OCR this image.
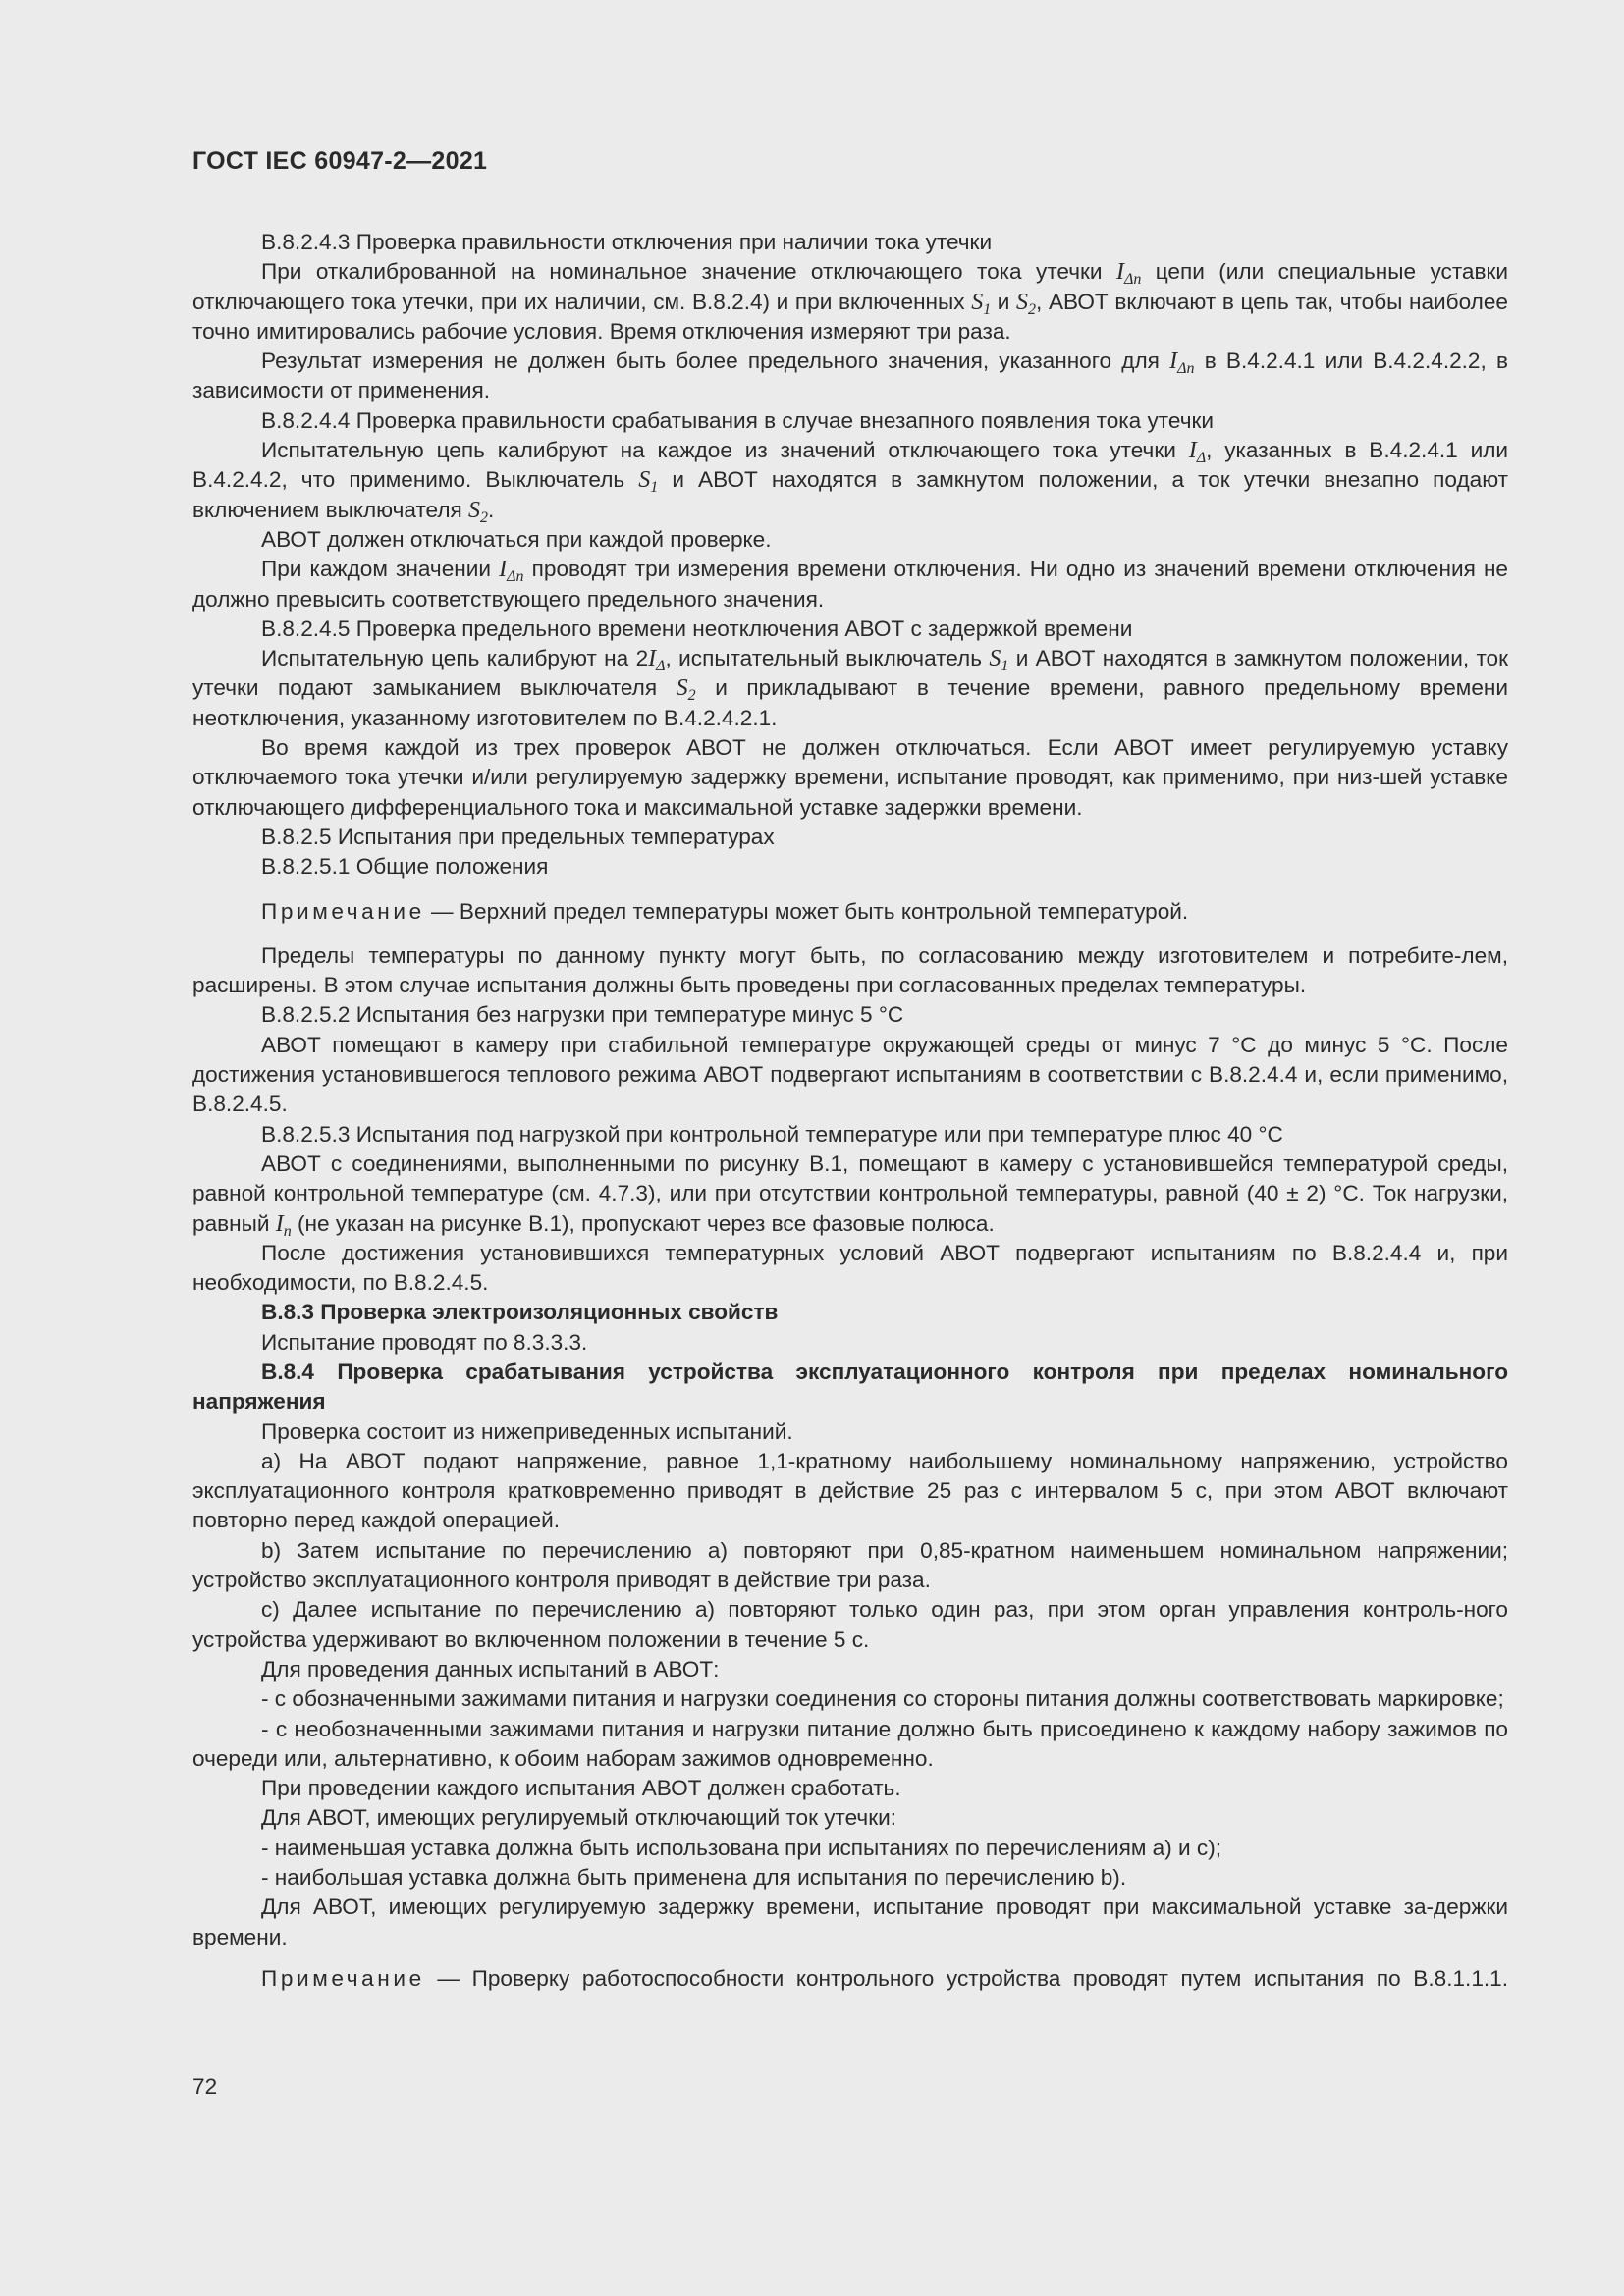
ГОСТ IEC 60947-2—2021

В.8.2.4.3 Проверка правильности отключения при наличии тока утечки

При откалиброванной на номинальное значение отключающего тока утечки $I_{\Delta n}$ цепи (или специальные уставки отключающего тока утечки, при их наличии, см. В.8.2.4) и при включенных $S_1$ и $S_2$, АВОТ включают в цепь так, чтобы наиболее точно имитировались рабочие условия. Время отключения измеряют три раза.

Результат измерения не должен быть более предельного значения, указанного для $I_{\Delta n}$ в В.4.2.4.1 или В.4.2.4.2.2, в зависимости от применения.

В.8.2.4.4 Проверка правильности срабатывания в случае внезапного появления тока утечки

Испытательную цепь калибруют на каждое из значений отключающего тока утечки $I_\Delta$, указанных в В.4.2.4.1 или В.4.2.4.2, что применимо. Выключатель $S_1$ и АВОТ находятся в замкнутом положении, а ток утечки внезапно подают включением выключателя $S_2$.

АВОТ должен отключаться при каждой проверке.

При каждом значении $I_{\Delta n}$ проводят три измерения времени отключения. Ни одно из значений времени отключения не должно превысить соответствующего предельного значения.

В.8.2.4.5 Проверка предельного времени неотключения АВОТ с задержкой времени

Испытательную цепь калибруют на $2I_\Delta$, испытательный выключатель $S_1$ и АВОТ находятся в замкнутом положении, ток утечки подают замыканием выключателя $S_2$ и прикладывают в течение времени, равного предельному времени неотключения, указанному изготовителем по В.4.2.4.2.1.

Во время каждой из трех проверок АВОТ не должен отключаться. Если АВОТ имеет регулируемую уставку отключаемого тока утечки и/или регулируемую задержку времени, испытание проводят, как применимо, при низ-шей уставке отключающего дифференциального тока и максимальной уставке задержки времени.

В.8.2.5 Испытания при предельных температурах

В.8.2.5.1 Общие положения

Примечание — Верхний предел температуры может быть контрольной температурой.

Пределы температуры по данному пункту могут быть, по согласованию между изготовителем и потребите-лем, расширены. В этом случае испытания должны быть проведены при согласованных пределах температуры.

В.8.2.5.2 Испытания без нагрузки при температуре минус 5 °C

АВОТ помещают в камеру при стабильной температуре окружающей среды от минус 7 °C до минус 5 °C. После достижения установившегося теплового режима АВОТ подвергают испытаниям в соответствии с В.8.2.4.4 и, если применимо, В.8.2.4.5.

В.8.2.5.3 Испытания под нагрузкой при контрольной температуре или при температуре плюс 40 °C

АВОТ с соединениями, выполненными по рисунку В.1, помещают в камеру с установившейся температурой среды, равной контрольной температуре (см. 4.7.3), или при отсутствии контрольной температуры, равной (40 ± 2) °C. Ток нагрузки, равный $I_n$ (не указан на рисунке В.1), пропускают через все фазовые полюса.

После достижения установившихся температурных условий АВОТ подвергают испытаниям по В.8.2.4.4 и, при необходимости, по В.8.2.4.5.

В.8.3 Проверка электроизоляционных свойств

Испытание проводят по 8.3.3.3.

В.8.4 Проверка срабатывания устройства эксплуатационного контроля при пределах номинального напряжения

Проверка состоит из нижеприведенных испытаний.

a) На АВОТ подают напряжение, равное 1,1-кратному наибольшему номинальному напряжению, устройство эксплуатационного контроля кратковременно приводят в действие 25 раз с интервалом 5 с, при этом АВОТ включают повторно перед каждой операцией.

b) Затем испытание по перечислению a) повторяют при 0,85-кратном наименьшем номинальном напряжении; устройство эксплуатационного контроля приводят в действие три раза.

c) Далее испытание по перечислению a) повторяют только один раз, при этом орган управления контроль-ного устройства удерживают во включенном положении в течение 5 с.

Для проведения данных испытаний в АВОТ:

- с обозначенными зажимами питания и нагрузки соединения со стороны питания должны соответствовать маркировке;

- с необозначенными зажимами питания и нагрузки питание должно быть присоединено к каждому набору зажимов по очереди или, альтернативно, к обоим наборам зажимов одновременно.

При проведении каждого испытания АВОТ должен сработать.

Для АВОТ, имеющих регулируемый отключающий ток утечки:

- наименьшая уставка должна быть использована при испытаниях по перечислениям a) и c);

- наибольшая уставка должна быть применена для испытания по перечислению b).

Для АВОТ, имеющих регулируемую задержку времени, испытание проводят при максимальной уставке за-держки времени.

Примечание — Проверку работоспособности контрольного устройства проводят путем испытания по В.8.1.1.1.

72
